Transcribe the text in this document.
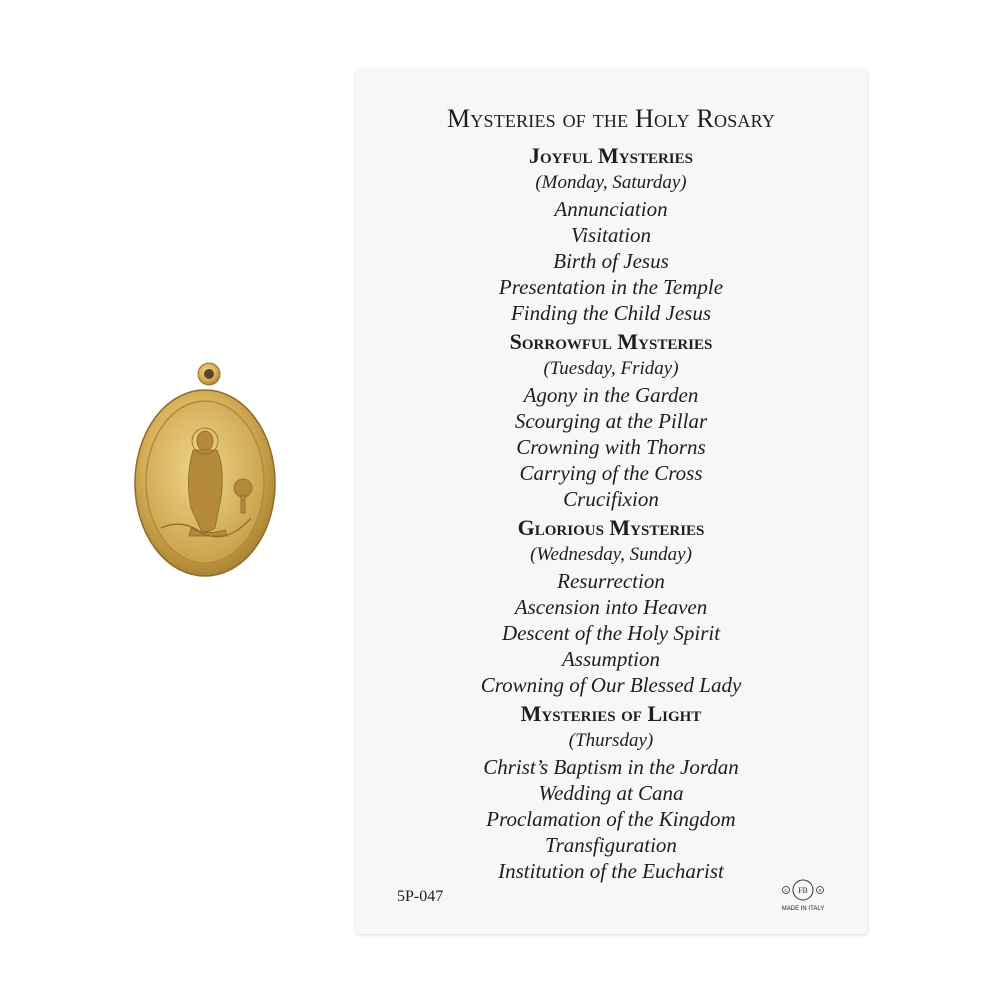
Mysteries of the Holy Rosary
Joyful Mysteries
(Monday, Saturday)
Annunciation
Visitation
Birth of Jesus
Presentation in the Temple
Finding the Child Jesus
Sorrowful Mysteries
(Tuesday, Friday)
Agony in the Garden
Scourging at the Pillar
Crowning with Thorns
Carrying of the Cross
Crucifixion
Glorious Mysteries
(Wednesday, Sunday)
Resurrection
Ascension into Heaven
Descent of the Holy Spirit
Assumption
Crowning of Our Blessed Lady
Mysteries of Light
(Thursday)
Christ’s Baptism in the Jordan
Wedding at Cana
Proclamation of the Kingdom
Transfiguration
Institution of the Eucharist
5P-047	FB
C	R
MADE IN ITALY
